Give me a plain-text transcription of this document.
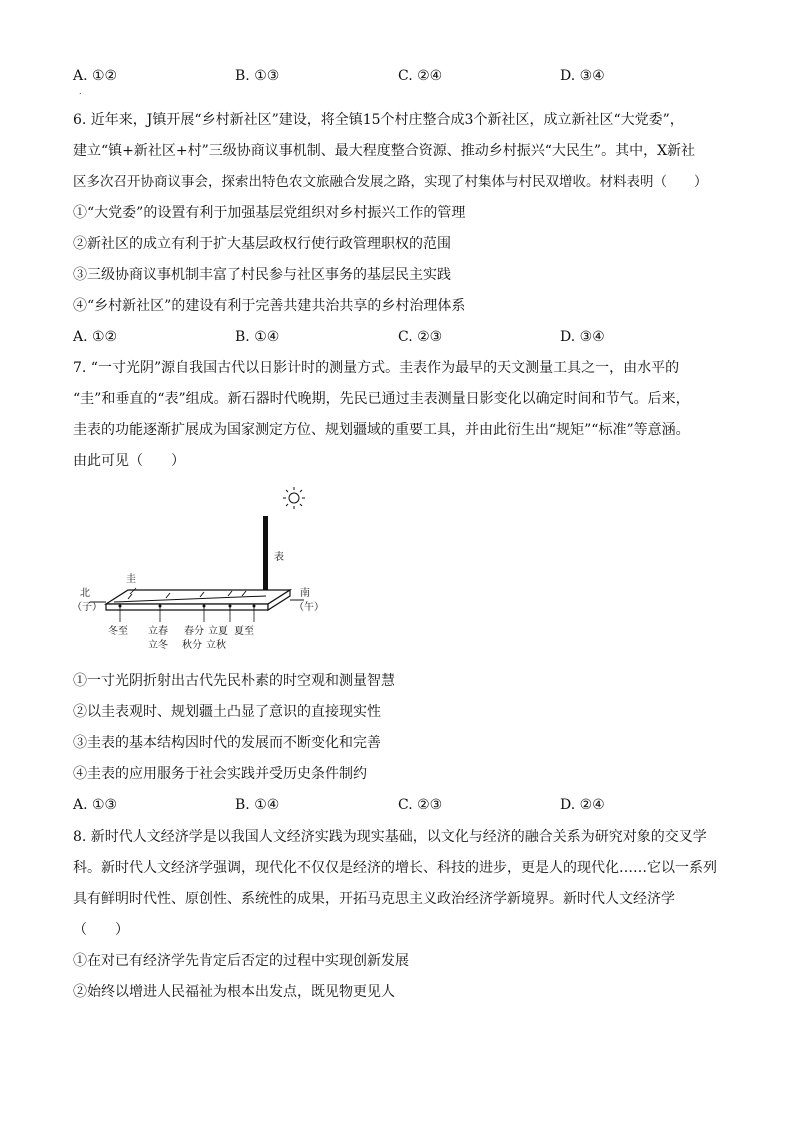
A. ①②	B. ①③	C. ②④	D. ③④
.
6. 近年来，J镇开展“乡村新社区”建设，将全镇15个村庄整合成3个新社区，成立新社区“大党委”，
建立“镇+新社区+村”三级协商议事机制、最大程度整合资源、推动乡村振兴“大民生”。其中，X新社
区多次召开协商议事会，探索出特色农文旅融合发展之路，实现了村集体与村民双增收。材料表明（　　）
①“大党委”的设置有利于加强基层党组织对乡村振兴工作的管理
②新社区的成立有利于扩大基层政权行使行政管理职权的范围
③三级协商议事机制丰富了村民参与社区事务的基层民主实践
④“乡村新社区”的建设有利于完善共建共治共享的乡村治理体系
A. ①②	B. ①④	C. ②③	D. ③④
7. “一寸光阴”源自我国古代以日影计时的测量方式。圭表作为最早的天文测量工具之一，由水平的
“圭”和垂直的“表”组成。新石器时代晚期，先民已通过圭表测量日影变化以确定时间和节气。后来，
圭表的功能逐渐扩展成为国家测定方位、规划疆域的重要工具，并由此衍生出“规矩”“标准”等意涵。
由此可见（　　）
表
圭
北
（子）
南
（午）
冬至 立春 春分 立夏 夏至
立冬 秋分 立秋
①一寸光阴折射出古代先民朴素的时空观和测量智慧
②以圭表观时、规划疆土凸显了意识的直接现实性
③圭表的基本结构因时代的发展而不断变化和完善
④圭表的应用服务于社会实践并受历史条件制约
A. ①③	B. ①④	C. ②③	D. ②④
8. 新时代人文经济学是以我国人文经济实践为现实基础，以文化与经济的融合关系为研究对象的交叉学
科。新时代人文经济学强调，现代化不仅仅是经济的增长、科技的进步，更是人的现代化……它以一系列
具有鲜明时代性、原创性、系统性的成果，开拓马克思主义政治经济学新境界。新时代人文经济学
（　　）
①在对已有经济学先肯定后否定的过程中实现创新发展
②始终以增进人民福祉为根本出发点，既见物更见人
